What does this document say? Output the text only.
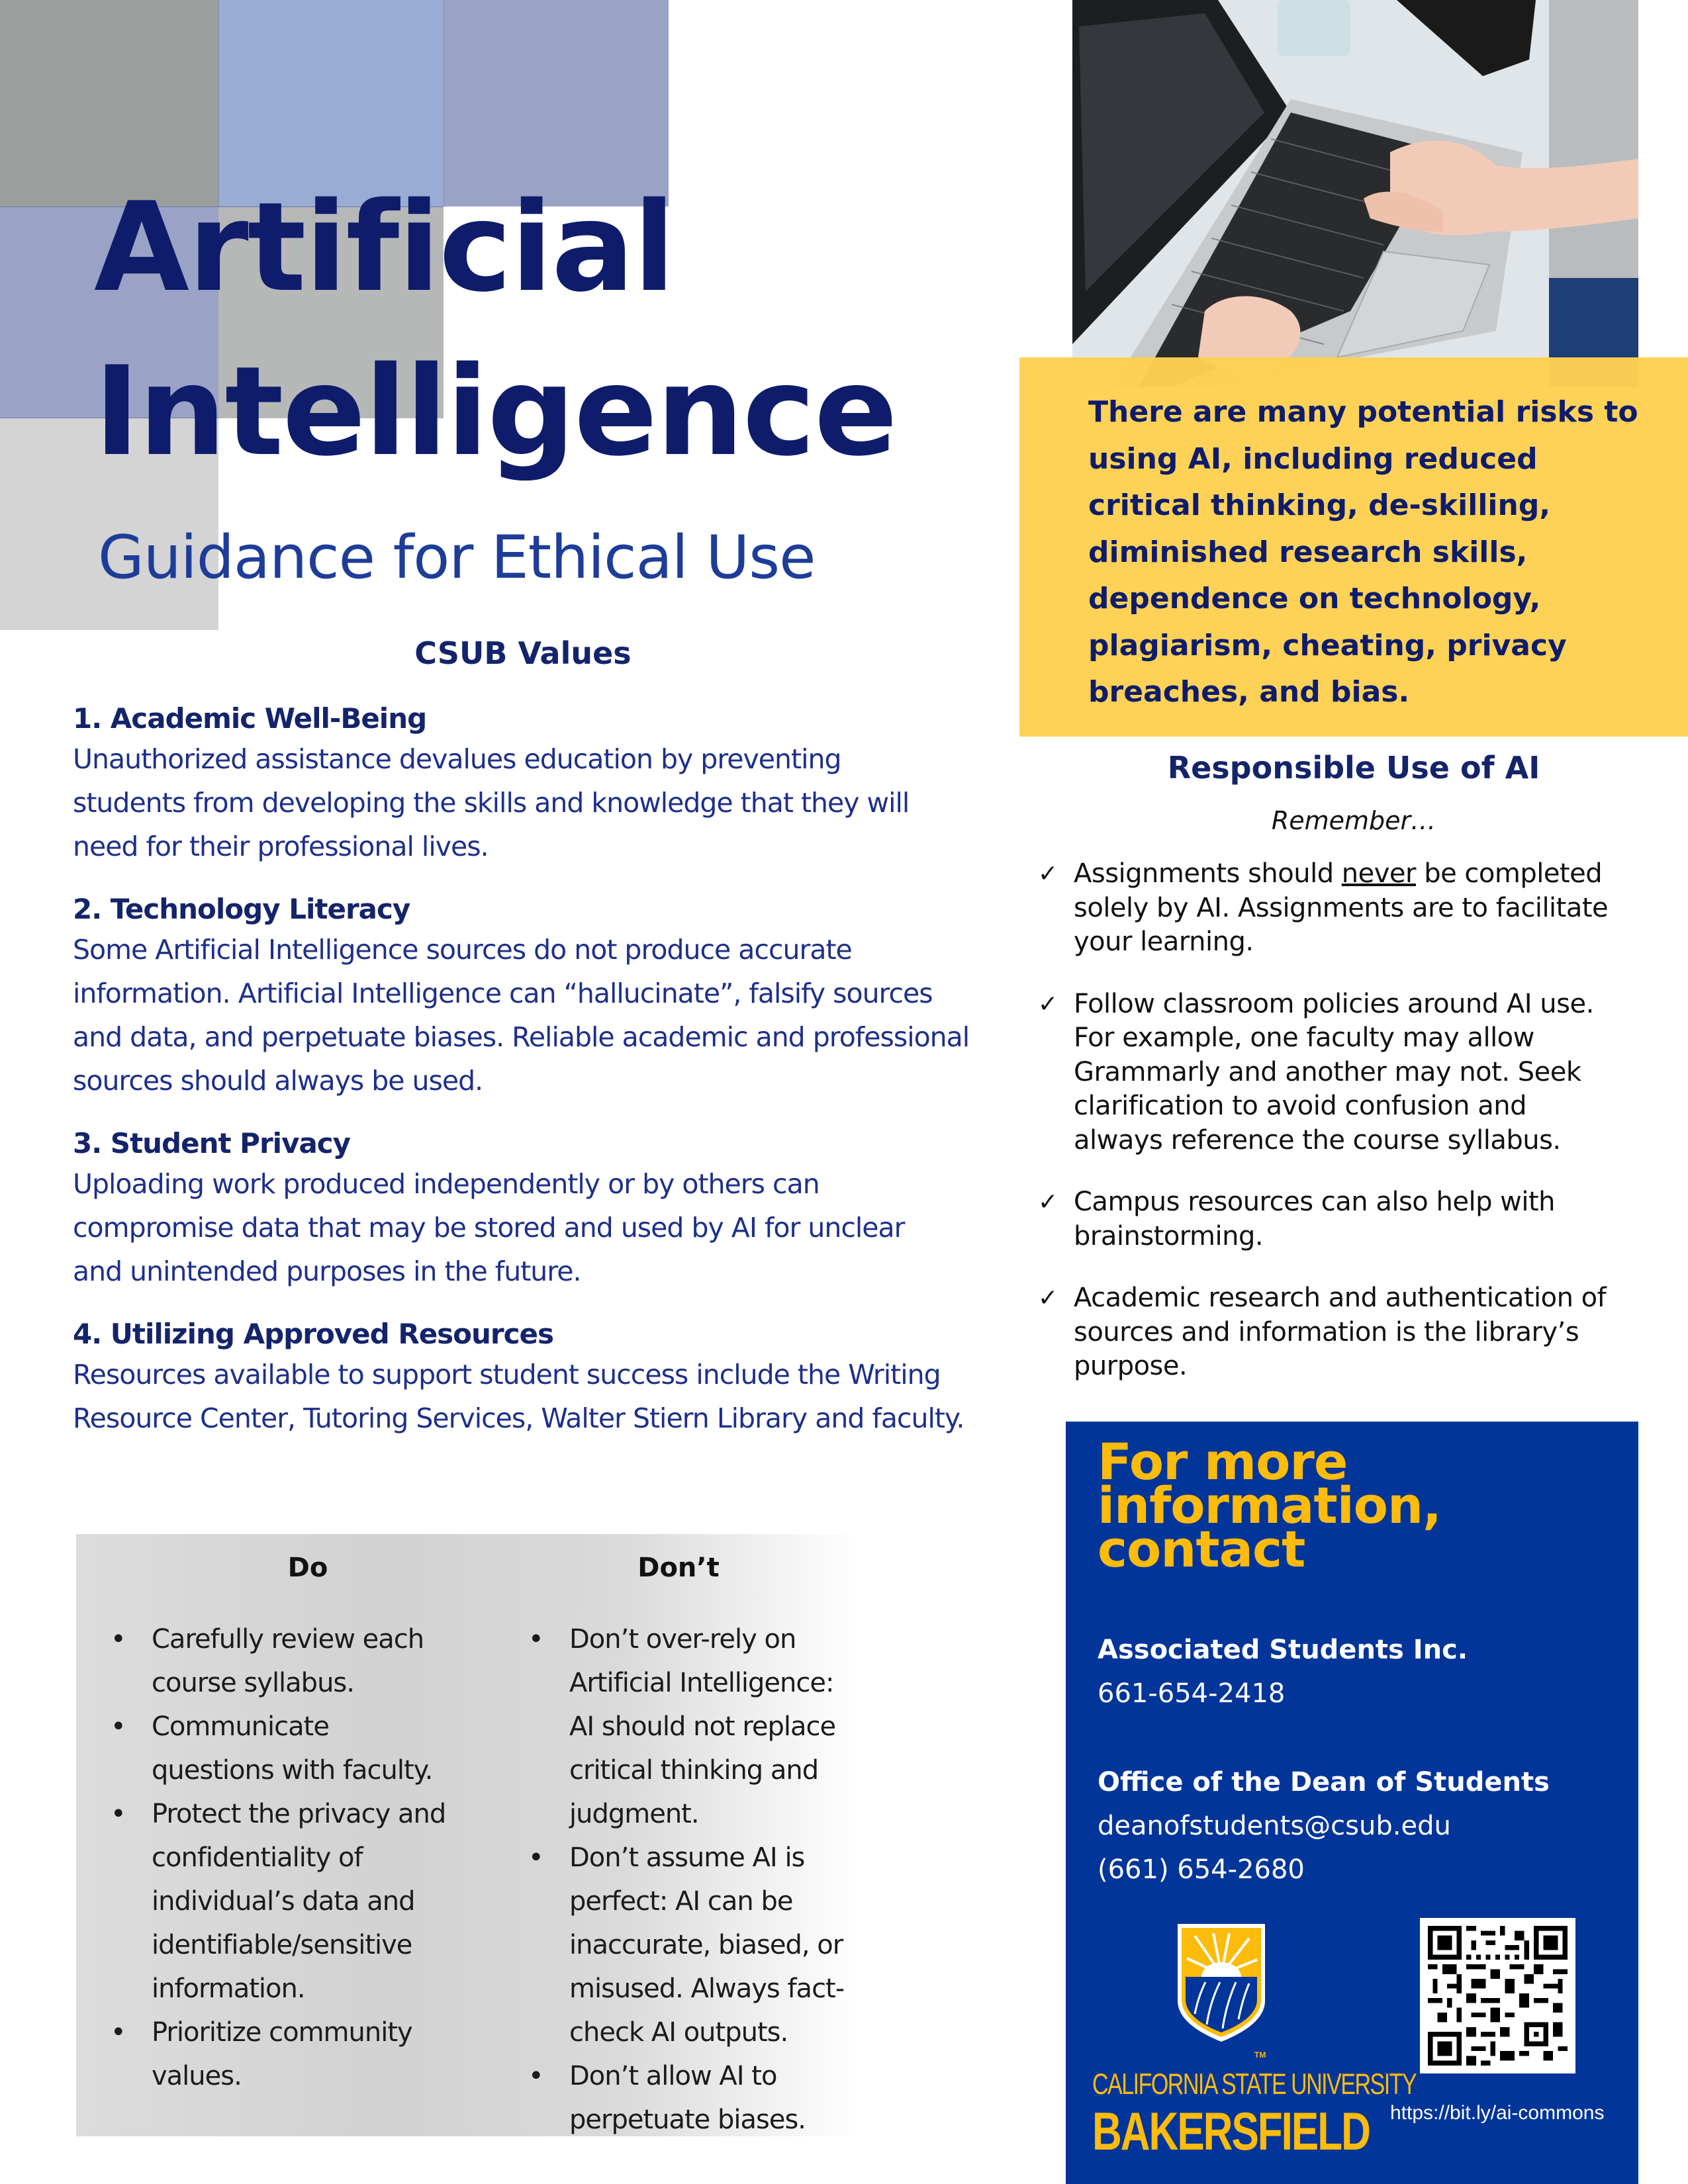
Artificial
Intelligence
Guidance for Ethical Use
CSUB Values
1. Academic Well-Being

Unauthorized assistance devalues education by preventing students from developing the skills and knowledge that they will need for their professional lives.

2. Technology Literacy

Some Artificial Intelligence sources do not produce accurate information. Artificial Intelligence can “hallucinate”, falsify sources and data, and perpetuate biases. Reliable academic and professional sources should always be used.

3. Student Privacy

Uploading work produced independently or by others can compromise data that may be stored and used by AI for unclear and unintended purposes in the future.

4. Utilizing Approved Resources

Resources available to support student success include the Writing Resource Center, Tutoring Services, Walter Stiern Library and faculty.

Do
• Carefully review each course syllabus.
• Communicate questions with faculty.
• Protect the privacy and confidentiality of individual’s data and identifiable/sensitive information.
• Prioritize community values.
Don’t
• Don’t over-rely on Artificial Intelligence: AI should not replace critical thinking and judgment.
• Don’t assume AI is perfect: AI can be inaccurate, biased, or misused. Always fact-check AI outputs.
• Don’t allow AI to perpetuate biases.

There are many potential risks to using AI, including reduced critical thinking, de-skilling, diminished research skills, dependence on technology, plagiarism, cheating, privacy breaches, and bias.

Responsible Use of AI
Remember…
✓ Assignments should never be completed solely by AI. Assignments are to facilitate your learning.
✓ Follow classroom policies around AI use. For example, one faculty may allow Grammarly and another may not. Seek clarification to avoid confusion and always reference the course syllabus.
✓ Campus resources can also help with brainstorming.
✓ Academic research and authentication of sources and information is the library’s purpose.
For more information, contact
Associated Students Inc.
661-654-2418
Office of the Dean of Students
deanofstudents@csub.edu
(661) 654-2680
TM
CALIFORNIA STATE UNIVERSITY
BAKERSFIELD https://bit.ly/ai-commons
